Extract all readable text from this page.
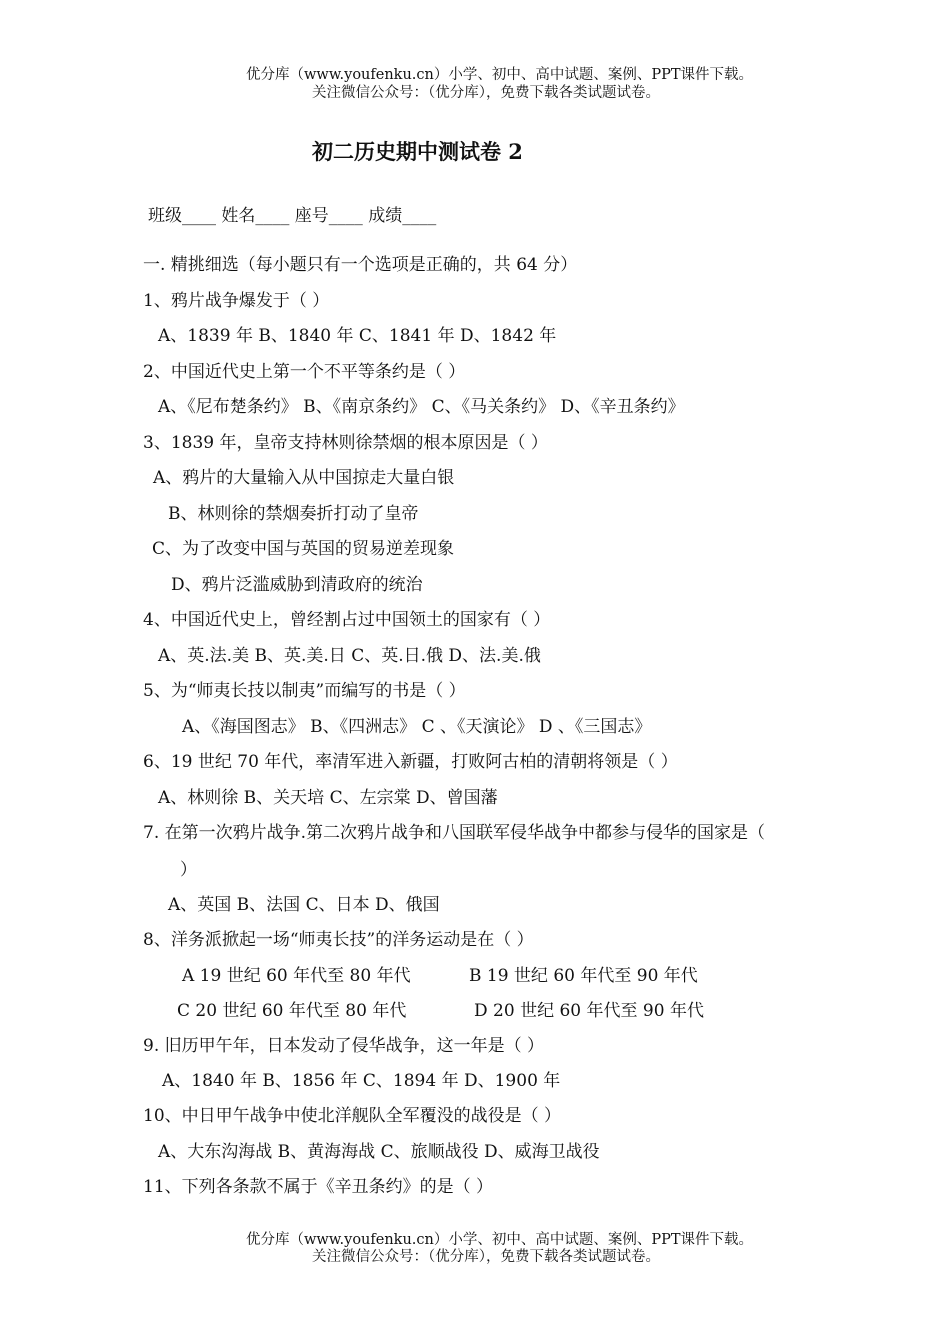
优分库（www.youfenku.cn）小学、初中、高中试题、案例、PPT课件下载。
关注微信公众号：（优分库），免费下载各类试题试卷。
初二历史期中测试卷 2
班级____ 姓名____ 座号____ 成绩____
一. 精挑细选（每小题只有一个选项是正确的，共 64 分）
1、鸦片战争爆发于（ ）
A、1839 年 B、1840 年 C、1841 年 D、1842 年
2、中国近代史上第一个不平等条约是（ ）
A、《尼布楚条约》 B、《南京条约》 C、《马关条约》 D、《辛丑条约》
3、1839 年，皇帝支持林则徐禁烟的根本原因是（ ）
A、鸦片的大量输入从中国掠走大量白银
B、林则徐的禁烟奏折打动了皇帝
C、为了改变中国与英国的贸易逆差现象
D、鸦片泛滥威胁到清政府的统治
4、中国近代史上，曾经割占过中国领土的国家有（ ）
A、英.法.美 B、英.美.日 C、英.日.俄 D、法.美.俄
5、为“师夷长技以制夷”而编写的书是（ ）
A、《海国图志》 B、《四洲志》 C 、《天演论》 D 、《三国志》
6、19 世纪 70 年代，率清军进入新疆，打败阿古柏的清朝将领是（ ）
A、林则徐 B、关天培 C、左宗棠 D、曾国藩
7. 在第一次鸦片战争.第二次鸦片战争和八国联军侵华战争中都参与侵华的国家是（
）
A、英国 B、法国 C、日本 D、俄国
8、洋务派掀起一场“师夷长技”的洋务运动是在（ ）
A 19 世纪 60 年代至 80 年代	B 19 世纪 60 年代至 90 年代
C 20 世纪 60 年代至 80 年代	D 20 世纪 60 年代至 90 年代
9. 旧历甲午年，日本发动了侵华战争，这一年是（ ）
A、1840 年 B、1856 年 C、1894 年 D、1900 年
10、中日甲午战争中使北洋舰队全军覆没的战役是（ ）
A、大东沟海战 B、黄海海战 C、旅顺战役 D、威海卫战役
11、下列各条款不属于《辛丑条约》的是（ ）
优分库（www.youfenku.cn）小学、初中、高中试题、案例、PPT课件下载。
关注微信公众号：（优分库），免费下载各类试题试卷。
